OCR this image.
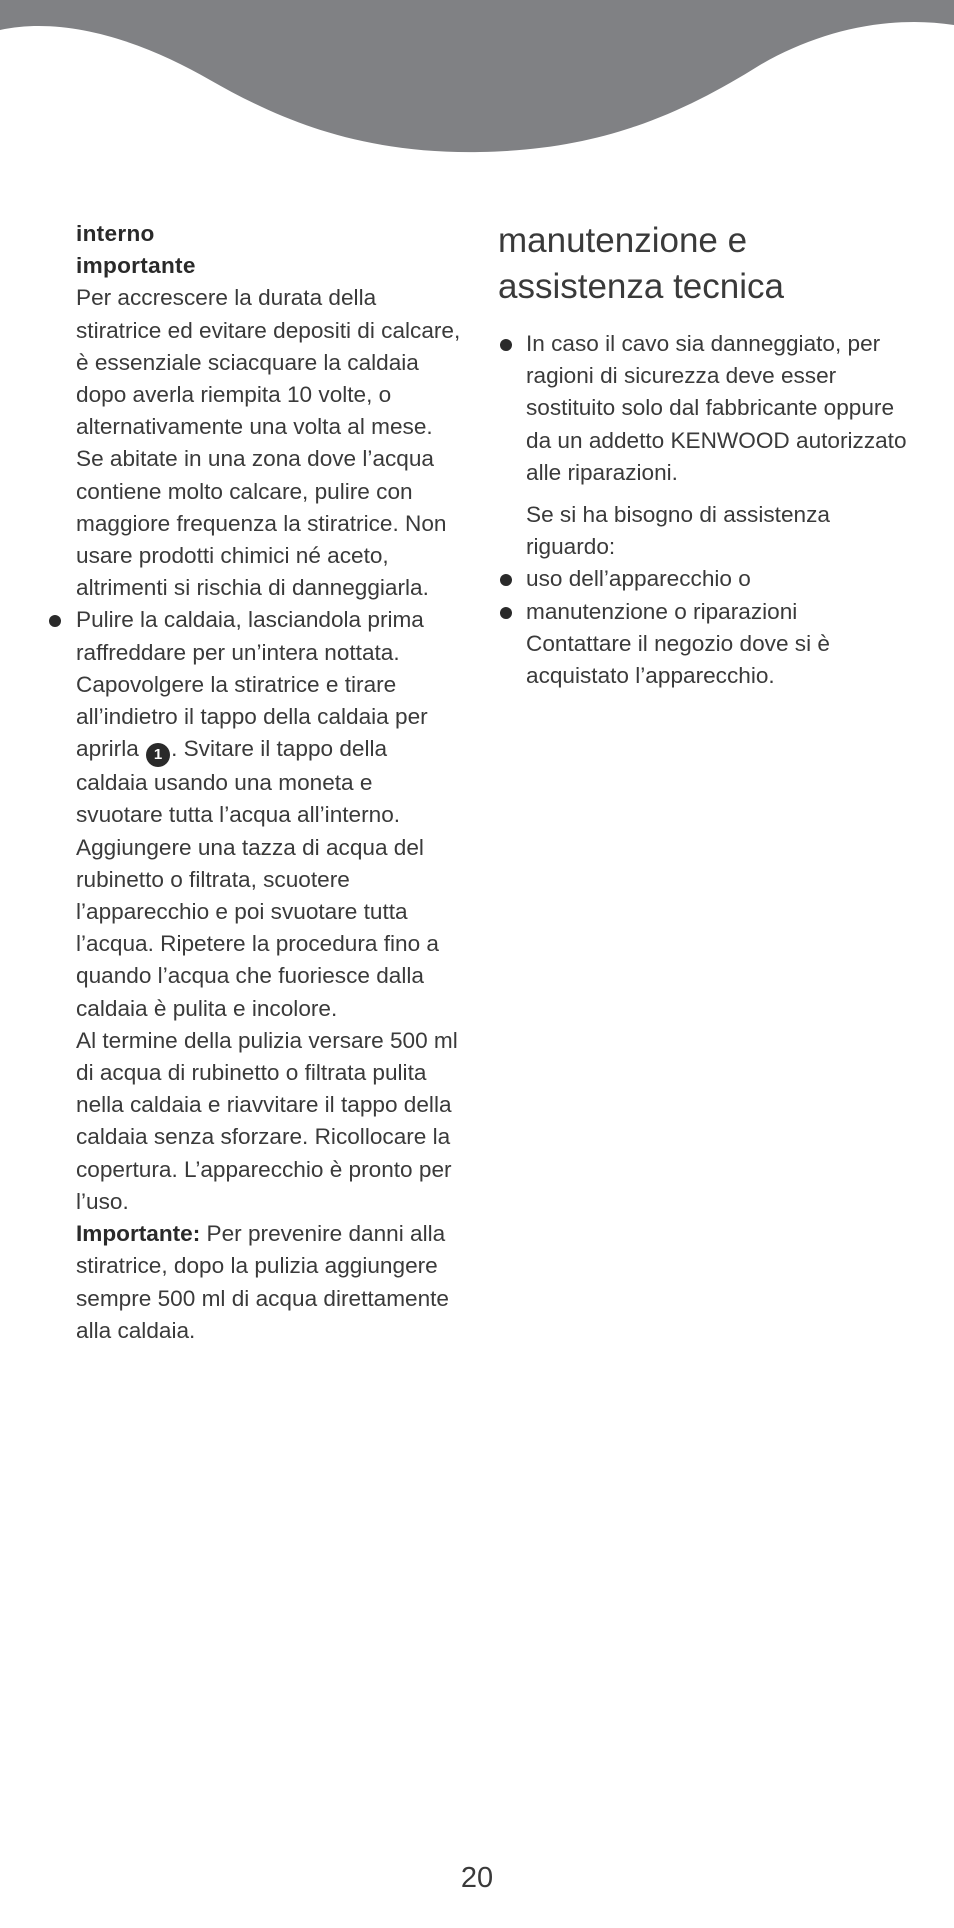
interno

importante

Per accrescere la durata della stiratrice ed evitare depositi di calcare, è essenziale sciacquare la caldaia dopo averla riempita 10 volte, o alternativamente una volta al mese. Se abitate in una zona dove l’acqua contiene molto calcare, pulire con maggiore frequenza la stiratrice. Non usare prodotti chimici né aceto, altrimenti si rischia di danneggiarla.

Pulire la caldaia, lasciandola prima raffreddare per un’intera nottata. Capovolgere la stiratrice e tirare all’indietro il tappo della caldaia per aprirla 1 . Svitare il tappo della caldaia usando una moneta e svuotare tutta l’acqua all’interno. Aggiungere una tazza di acqua del rubinetto o filtrata, scuotere l’apparecchio e poi svuotare tutta l’acqua. Ripetere la procedura fino a quando l’acqua che fuoriesce dalla caldaia è pulita e incolore.

Al termine della pulizia versare 500 ml di acqua di rubinetto o filtrata pulita nella caldaia e riavvitare il tappo della caldaia senza sforzare. Ricollocare la copertura. L’apparecchio è pronto per l’uso.

Importante: Per prevenire danni alla stiratrice, dopo la pulizia aggiungere sempre 500 ml di acqua direttamente alla caldaia.

manutenzione e
assistenza tecnica
In caso il cavo sia danneggiato, per ragioni di sicurezza deve esser sostituito solo dal fabbricante oppure da un addetto KENWOOD autorizzato alle riparazioni.

Se si ha bisogno di assistenza riguardo:

uso dell’apparecchio o
manutenzione o riparazioni

Contattare il negozio dove si è acquistato l’apparecchio.

20
